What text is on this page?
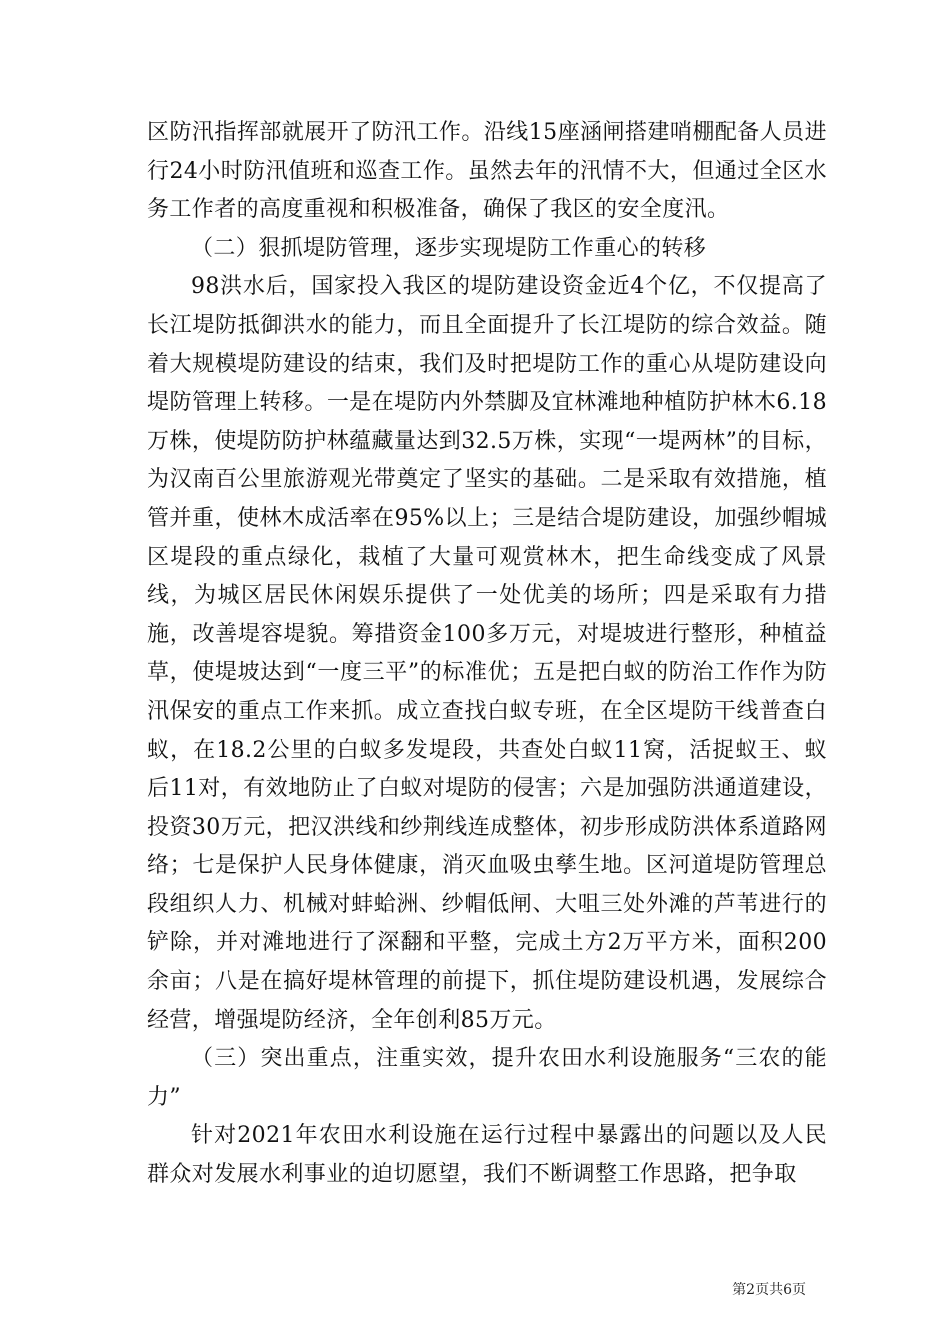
区防汛指挥部就展开了防汛工作。沿线15座涵闸搭建哨棚配备人员进行24小时防汛值班和巡查工作。虽然去年的汛情不大，但通过全区水务工作者的高度重视和积极准备，确保了我区的安全度汛。

（二）狠抓堤防管理，逐步实现堤防工作重心的转移

98洪水后，国家投入我区的堤防建设资金近4个亿，不仅提高了长江堤防抵御洪水的能力，而且全面提升了长江堤防的综合效益。随着大规模堤防建设的结束，我们及时把堤防工作的重心从堤防建设向堤防管理上转移。一是在堤防内外禁脚及宜林滩地种植防护林木6.18万株，使堤防防护林蕴藏量达到32.5万株，实现“一堤两林”的目标，为汉南百公里旅游观光带奠定了坚实的基础。二是采取有效措施，植管并重，使林木成活率在95%以上；三是结合堤防建设，加强纱帽城区堤段的重点绿化，栽植了大量可观赏林木，把生命线变成了风景线，为城区居民休闲娱乐提供了一处优美的场所；四是采取有力措施，改善堤容堤貌。筹措资金100多万元，对堤坡进行整形，种植益草，使堤坡达到“一度三平”的标准优；五是把白蚁的防治工作作为防汛保安的重点工作来抓。成立查找白蚁专班，在全区堤防干线普查白蚁，在18.2公里的白蚁多发堤段，共查处白蚁11窝，活捉蚁王、蚁后11对，有效地防止了白蚁对堤防的侵害；六是加强防洪通道建设，投资30万元，把汉洪线和纱荆线连成整体，初步形成防洪体系道路网络；七是保护人民身体健康，消灭血吸虫孳生地。区河道堤防管理总段组织人力、机械对蚌蛤洲、纱帽低闸、大咀三处外滩的芦苇进行的铲除，并对滩地进行了深翻和平整，完成土方2万平方米，面积200余亩；八是在搞好堤林管理的前提下，抓住堤防建设机遇，发展综合经营，增强堤防经济，全年创利85万元。

（三）突出重点，注重实效，提升农田水利设施服务“三农的能力”

针对2021年农田水利设施在运行过程中暴露出的问题以及人民群众对发展水利事业的迫切愿望，我们不断调整工作思路，把争取

第2页共6页
